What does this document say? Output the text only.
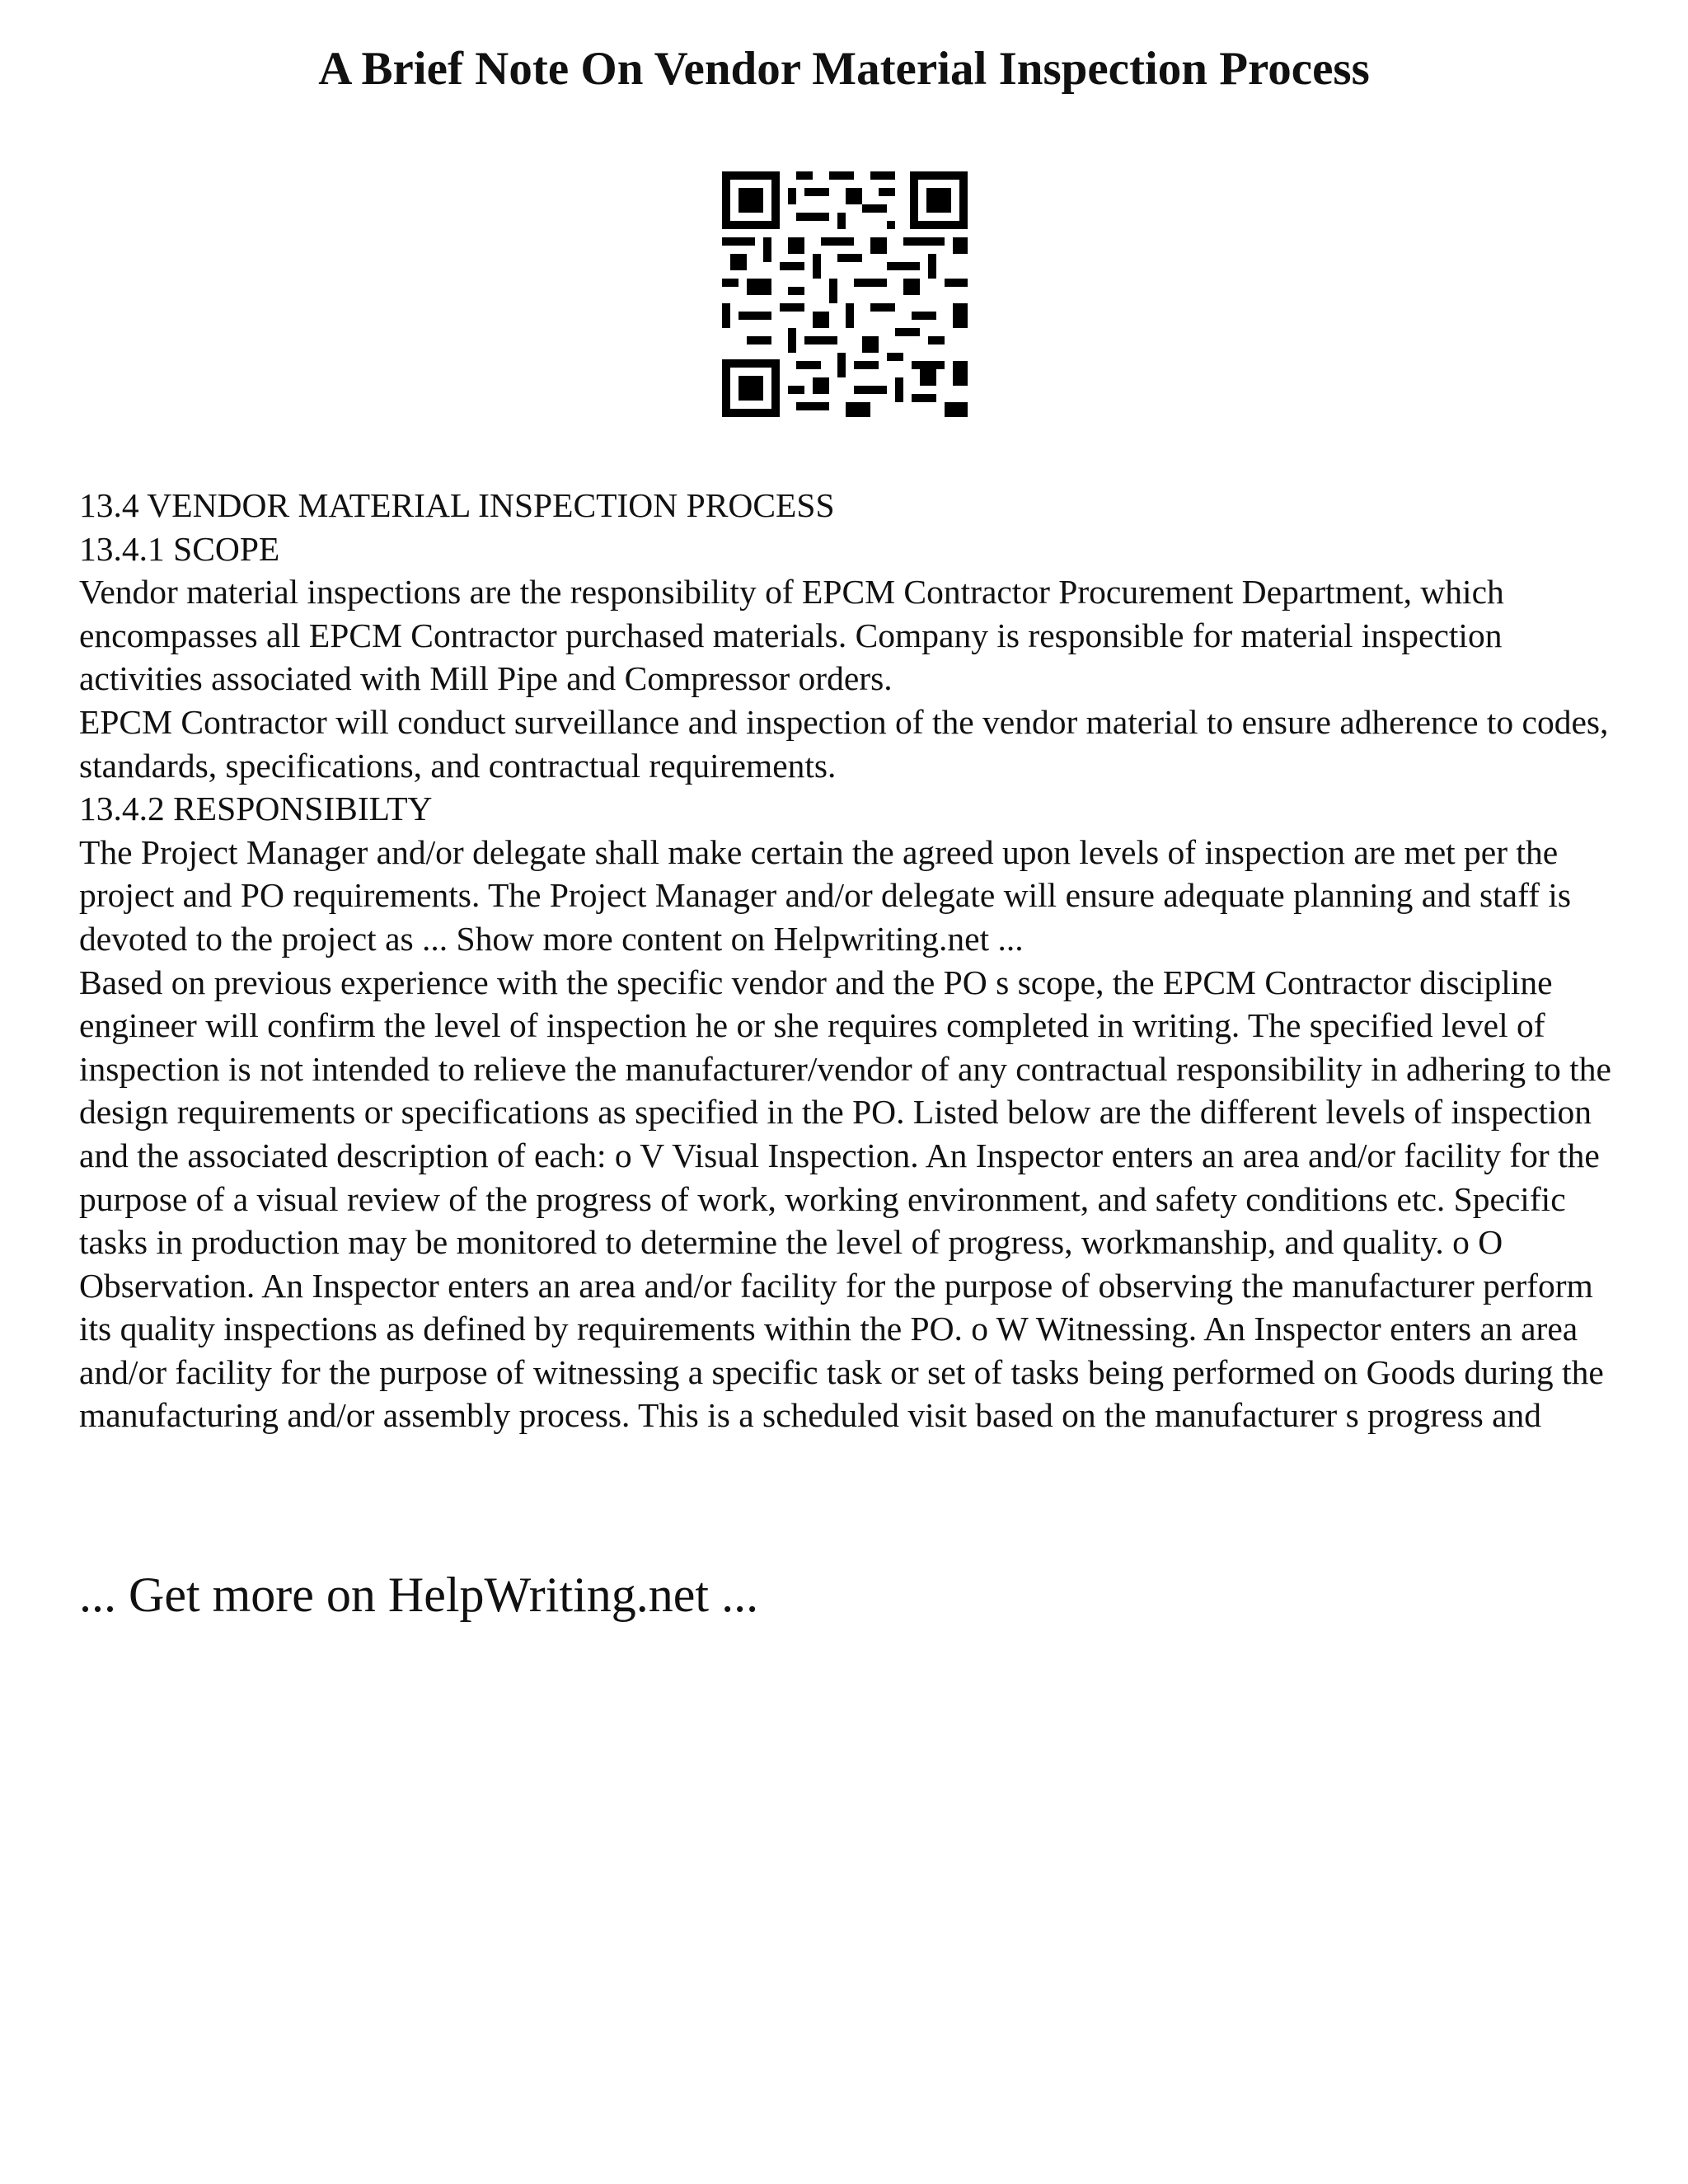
A Brief Note On Vendor Material Inspection Process

13.4 VENDOR MATERIAL INSPECTION PROCESS

13.4.1 SCOPE

Vendor material inspections are the responsibility of EPCM Contractor Procurement Department, which encompasses all EPCM Contractor purchased materials. Company is responsible for material inspection activities associated with Mill Pipe and Compressor orders.

EPCM Contractor will conduct surveillance and inspection of the vendor material to ensure adherence to codes, standards, specifications, and contractual requirements.

13.4.2 RESPONSIBILTY

The Project Manager and/or delegate shall make certain the agreed upon levels of inspection are met per the project and PO requirements. The Project Manager and/or delegate will ensure adequate planning and staff is devoted to the project as ... Show more content on Helpwriting.net ...

Based on previous experience with the specific vendor and the PO s scope, the EPCM Contractor discipline engineer will confirm the level of inspection he or she requires completed in writing. The specified level of inspection is not intended to relieve the manufacturer/vendor of any contractual responsibility in adhering to the design requirements or specifications as specified in the PO. Listed below are the different levels of inspection and the associated description of each: o V Visual Inspection. An Inspector enters an area and/or facility for the purpose of a visual review of the progress of work, working environment, and safety conditions etc. Specific tasks in production may be monitored to determine the level of progress, workmanship, and quality. o O Observation. An Inspector enters an area and/or facility for the purpose of observing the manufacturer perform its quality inspections as defined by requirements within the PO. o W Witnessing. An Inspector enters an area and/or facility for the purpose of witnessing a specific task or set of tasks being performed on Goods during the manufacturing and/or assembly process. This is a scheduled visit based on the manufacturer s progress and

... Get more on HelpWriting.net ...
